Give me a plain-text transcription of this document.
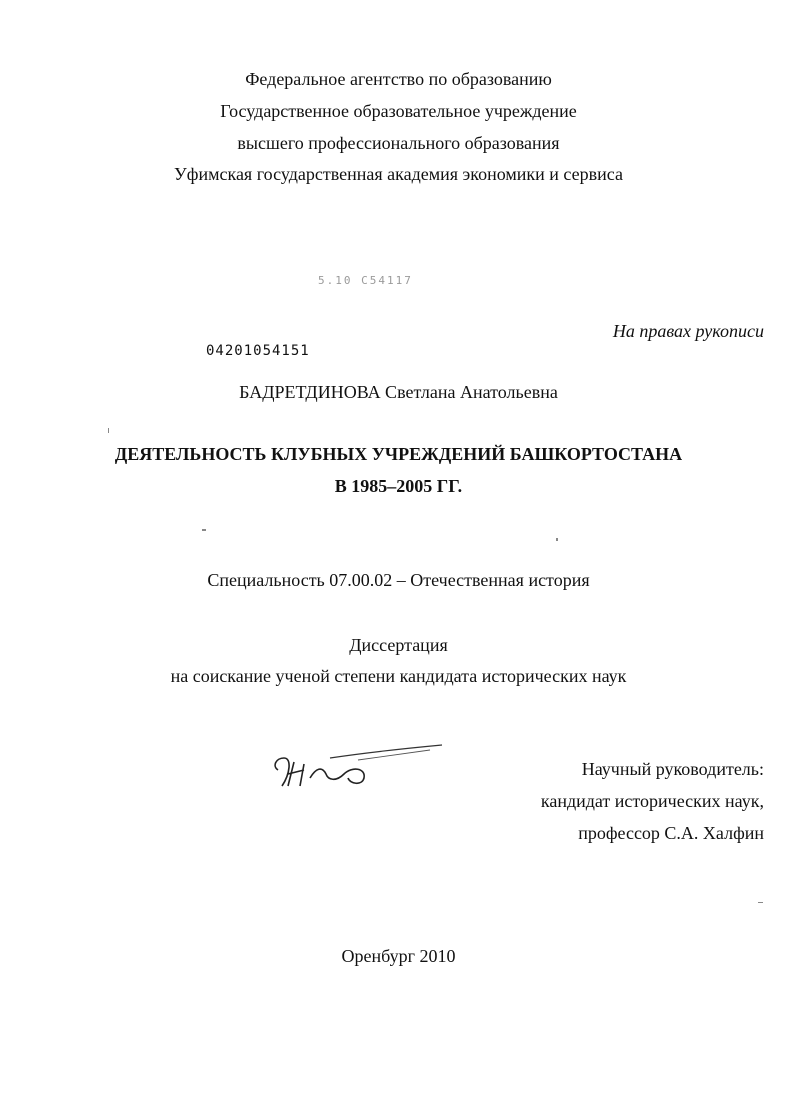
Федеральное агентство по образованию
Государственное образовательное учреждение
высшего профессионального образования
Уфимская государственная академия экономики и сервиса
5.10 C54117
На правах рукописи
04201054151
БАДРЕТДИНОВА Светлана Анатольевна
ДЕЯТЕЛЬНОСТЬ КЛУБНЫХ УЧРЕЖДЕНИЙ БАШКОРТОСТАНА
В 1985–2005 ГГ.
Специальность 07.00.02 – Отечественная история
Диссертация
на соискание ученой степени кандидата исторических наук
Научный руководитель:
кандидат исторических наук,
профессор С.А. Халфин
Оренбург 2010
